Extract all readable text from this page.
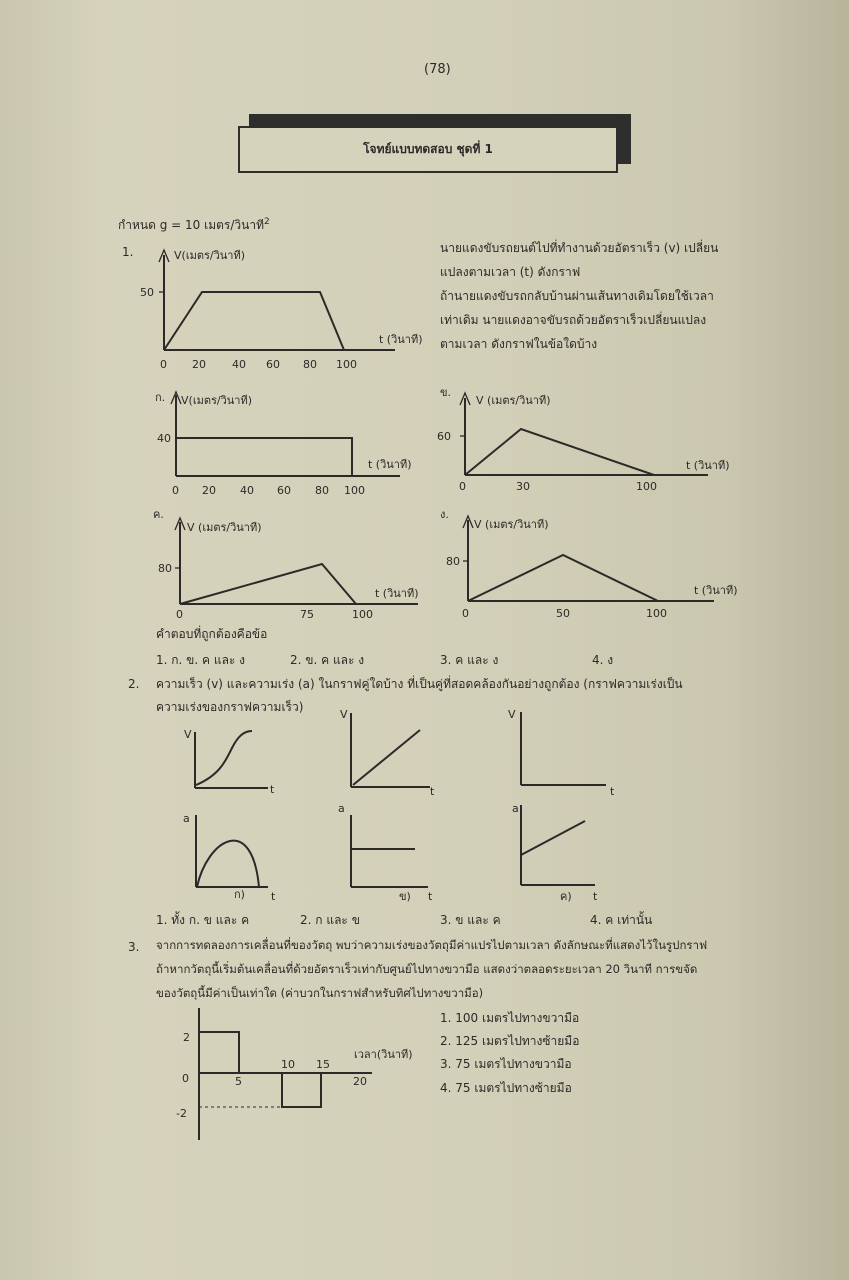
(78)
โจทย์แบบทดสอบ ชุดที่ 1
กำหนด g = 10 เมตร/วินาที$^2$
1.	นายแดงขับรถยนต์ไปที่ทำงานด้วยอัตราเร็ว (v) เปลี่ยน
แปลงตามเวลา (t) ดังกราฟ
ถ้านายแดงขับรถกลับบ้านผ่านเส้นทางเดิมโดยใช้เวลา
เท่าเดิม นายแดงอาจขับรถด้วยอัตราเร็วเปลี่ยนแปลง
ตามเวลา ดังกราฟในข้อใดบ้าง
V(เมตร/วินาที)
50
t (วินาที)
0 20 40 60 80 100
ก. V(เมตร/วินาที)
40
t (วินาที)
0 20 40 60 80 100
ข.
V (เมตร/วินาที)
60
t (วินาที)
0	30	100
ค.
V (เมตร/วินาที)
80
t (วินาที)
0	75	100
ง.
V (เมตร/วินาที)
80
t (วินาที)
0	50	100
V
t
V
t
V
t
a
ก) t
a
ข) t
a
ค) t
2
0
-2
5
10 15
20
เวลา(วินาที)
คำตอบที่ถูกต้องคือข้อ
1. ก. ข. ค และ ง	2. ข. ค และ ง	3. ค และ ง	4. ง
2. ความเร็ว (v) และความเร่ง (a) ในกราฟคู่ใดบ้าง ที่เป็นคู่ที่สอดคล้องกันอย่างถูกต้อง (กราฟความเร่งเป็น
ความเร่งของกราฟความเร็ว)
1. ทั้ง ก. ข และ ค	2. ก และ ข	3. ข และ ค	4. ค เท่านั้น
3. จากการทดลองการเคลื่อนที่ของวัตถุ พบว่าความเร่งของวัตถุมีค่าแปรไปตามเวลา ดังลักษณะที่แสดงไว้ในรูปกราฟ
ถ้าหากวัตถุนี้เริ่มต้นเคลื่อนที่ด้วยอัตราเร็วเท่ากับศูนย์ไปทางขวามือ แสดงว่าตลอดระยะเวลา 20 วินาที การขจัด
ของวัตถุนี้มีค่าเป็นเท่าใด (ค่าบวกในกราฟสำหรับทิศไปทางขวามือ)
1. 100 เมตรไปทางขวามือ
2. 125 เมตรไปทางซ้ายมือ
3. 75 เมตรไปทางขวามือ
4. 75 เมตรไปทางซ้ายมือ
